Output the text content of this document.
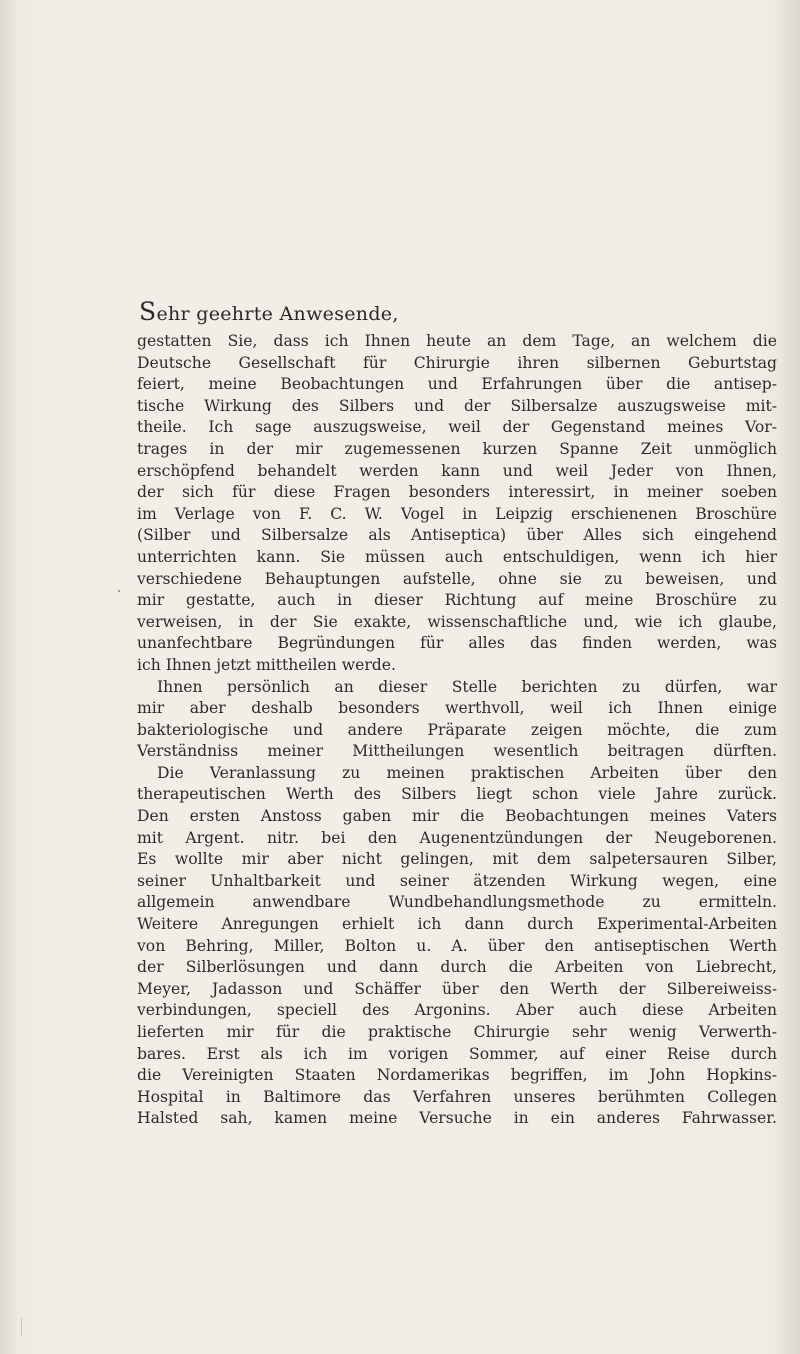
Sehr geehrte Anwesende,
gestatten Sie, dass ich Ihnen heute an dem Tage, an welchem die
Deutsche Gesellschaft für Chirurgie ihren silbernen Geburtstag
feiert, meine Beobachtungen und Erfahrungen über die antisep-
tische Wirkung des Silbers und der Silbersalze auszugsweise mit-
theile. Ich sage auszugsweise, weil der Gegenstand meines Vor-
trages in der mir zugemessenen kurzen Spanne Zeit unmöglich
erschöpfend behandelt werden kann und weil Jeder von Ihnen,
der sich für diese Fragen besonders interessirt, in meiner soeben
im Verlage von F. C. W. Vogel in Leipzig erschienenen Broschüre
(Silber und Silbersalze als Antiseptica) über Alles sich eingehend
unterrichten kann. Sie müssen auch entschuldigen, wenn ich hier
verschiedene Behauptungen aufstelle, ohne sie zu beweisen, und
mir gestatte, auch in dieser Richtung auf meine Broschüre zu
verweisen, in der Sie exakte, wissenschaftliche und, wie ich glaube,
unanfechtbare Begründungen für alles das finden werden, was
ich Ihnen jetzt mittheilen werde.
Ihnen persönlich an dieser Stelle berichten zu dürfen, war
mir aber deshalb besonders werthvoll, weil ich Ihnen einige
bakteriologische und andere Präparate zeigen möchte, die zum
Verständniss meiner Mittheilungen wesentlich beitragen dürften.
Die Veranlassung zu meinen praktischen Arbeiten über den
therapeutischen Werth des Silbers liegt schon viele Jahre zurück.
Den ersten Anstoss gaben mir die Beobachtungen meines Vaters
mit Argent. nitr. bei den Augenentzündungen der Neugeborenen.
Es wollte mir aber nicht gelingen, mit dem salpetersauren Silber,
seiner Unhaltbarkeit und seiner ätzenden Wirkung wegen, eine
allgemein anwendbare Wundbehandlungsmethode zu ermitteln.
Weitere Anregungen erhielt ich dann durch Experimental-Arbeiten
von Behring, Miller, Bolton u. A. über den antiseptischen Werth
der Silberlösungen und dann durch die Arbeiten von Liebrecht,
Meyer, Jadasson und Schäffer über den Werth der Silbereiweiss-
verbindungen, speciell des Argonins. Aber auch diese Arbeiten
lieferten mir für die praktische Chirurgie sehr wenig Verwerth-
bares. Erst als ich im vorigen Sommer, auf einer Reise durch
die Vereinigten Staaten Nordamerikas begriffen, im John Hopkins-
Hospital in Baltimore das Verfahren unseres berühmten Collegen
Halsted sah, kamen meine Versuche in ein anderes Fahrwasser.
